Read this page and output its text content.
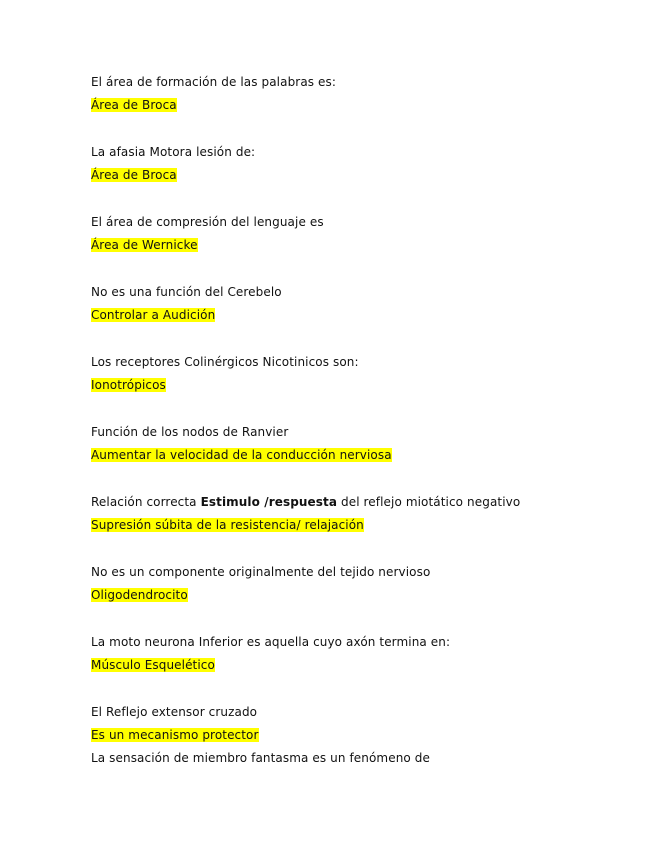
El área de formación de las palabras es:
Área de Broca
La afasia Motora lesión de:
Área de Broca
El área de compresión del lenguaje es
Área de Wernicke
No es una función del Cerebelo
Controlar a Audición
Los receptores Colinérgicos Nicotinicos son:
Ionotrópicos
Función de los nodos de Ranvier
Aumentar la velocidad de la conducción nerviosa
Relación correcta Estimulo /respuesta del reflejo miotático negativo
Supresión súbita de la resistencia/ relajación
No es un componente originalmente del tejido nervioso
Oligodendrocito
La moto neurona Inferior es aquella cuyo axón termina en:
Músculo Esquelético
El Reflejo extensor cruzado
Es un mecanismo protector
La sensación de miembro fantasma es un fenómeno de
